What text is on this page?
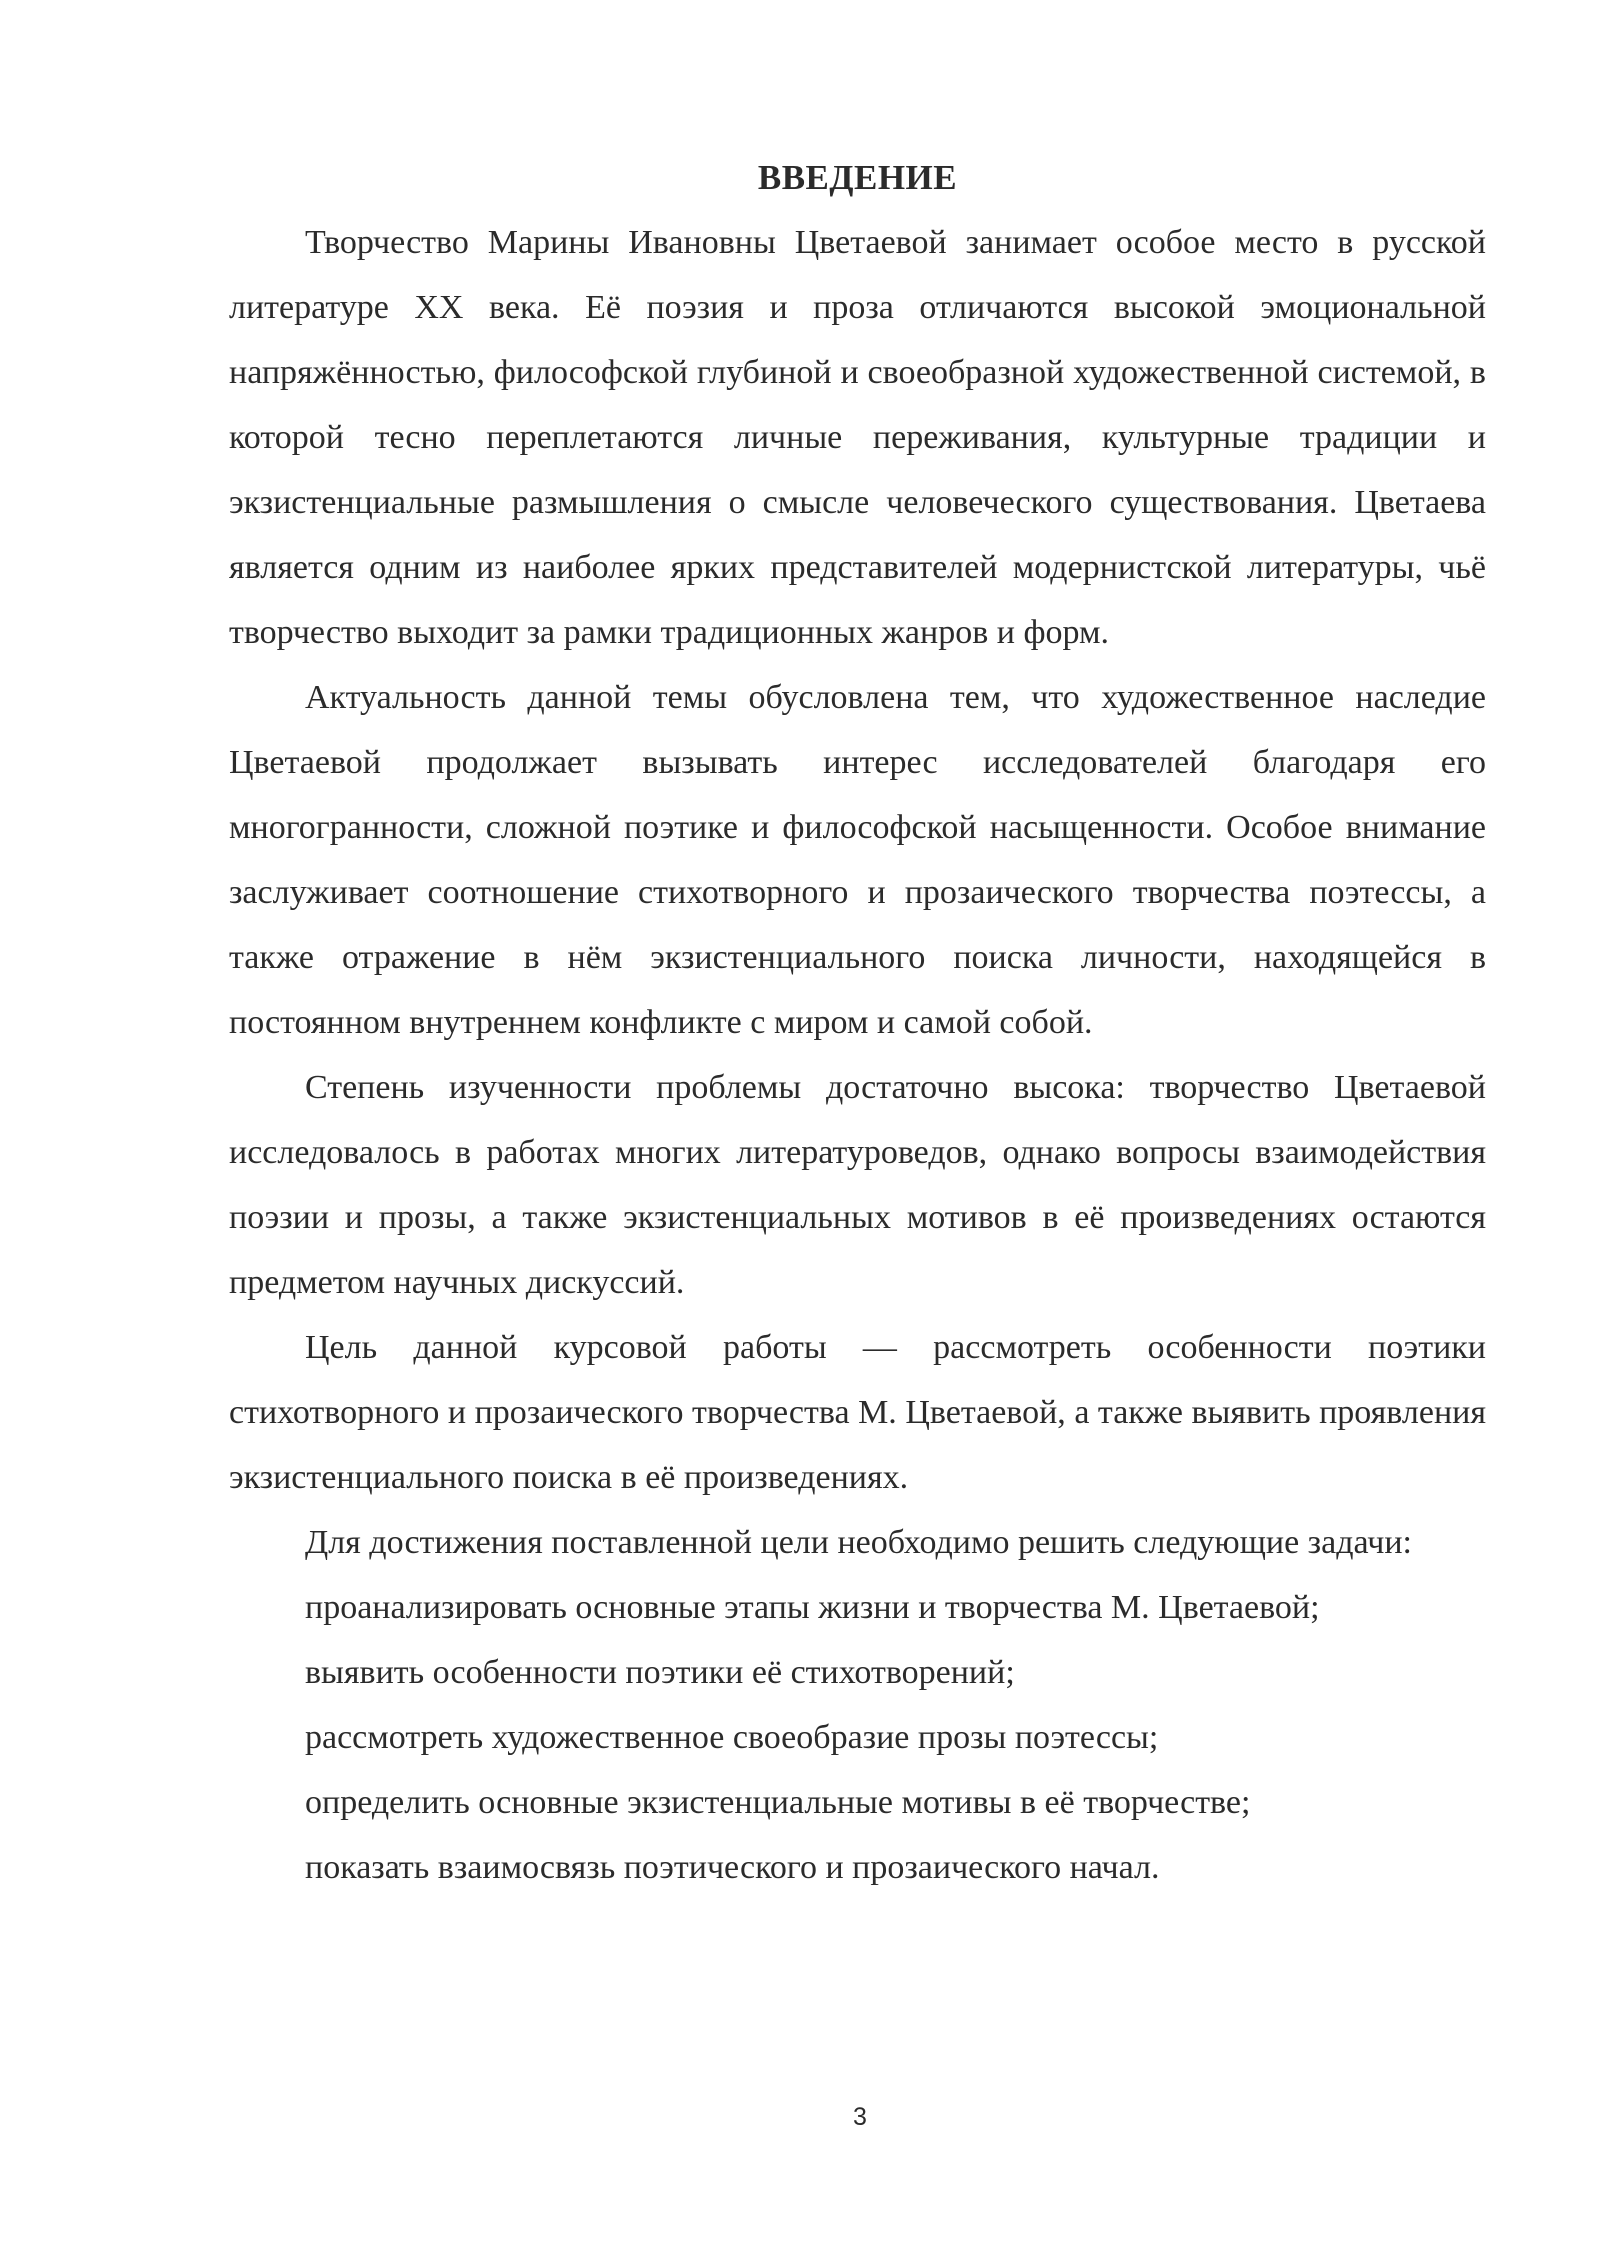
ВВЕДЕНИЕ

Творчество Марины Ивановны Цветаевой занимает особое место в русской литературе XX века. Её поэзия и проза отличаются высокой эмоциональной напряжённостью, философской глубиной и своеобразной художественной системой, в которой тесно переплетаются личные переживания, культурные традиции и экзистенциальные размышления о смысле человеческого существования. Цветаева является одним из наиболее ярких представителей модернистской литературы, чьё творчество выходит за рамки традиционных жанров и форм.

Актуальность данной темы обусловлена тем, что художественное наследие Цветаевой продолжает вызывать интерес исследователей благодаря его многогранности, сложной поэтике и философской насыщенности. Особое внимание заслуживает соотношение стихотворного и прозаического творчества поэтессы, а также отражение в нём экзистенциального поиска личности, находящейся в постоянном внутреннем конфликте с миром и самой собой.

Степень изученности проблемы достаточно высока: творчество Цветаевой исследовалось в работах многих литературоведов, однако вопросы взаимодействия поэзии и прозы, а также экзистенциальных мотивов в её произведениях остаются предметом научных дискуссий.

Цель данной курсовой работы — рассмотреть особенности поэтики стихотворного и прозаического творчества М. Цветаевой, а также выявить проявления экзистенциального поиска в её произведениях.

Для достижения поставленной цели необходимо решить следующие задачи:

проанализировать основные этапы жизни и творчества М. Цветаевой;
выявить особенности поэтики её стихотворений;
рассмотреть художественное своеобразие прозы поэтессы;
определить основные экзистенциальные мотивы в её творчестве;
показать взаимосвязь поэтического и прозаического начал.
3
